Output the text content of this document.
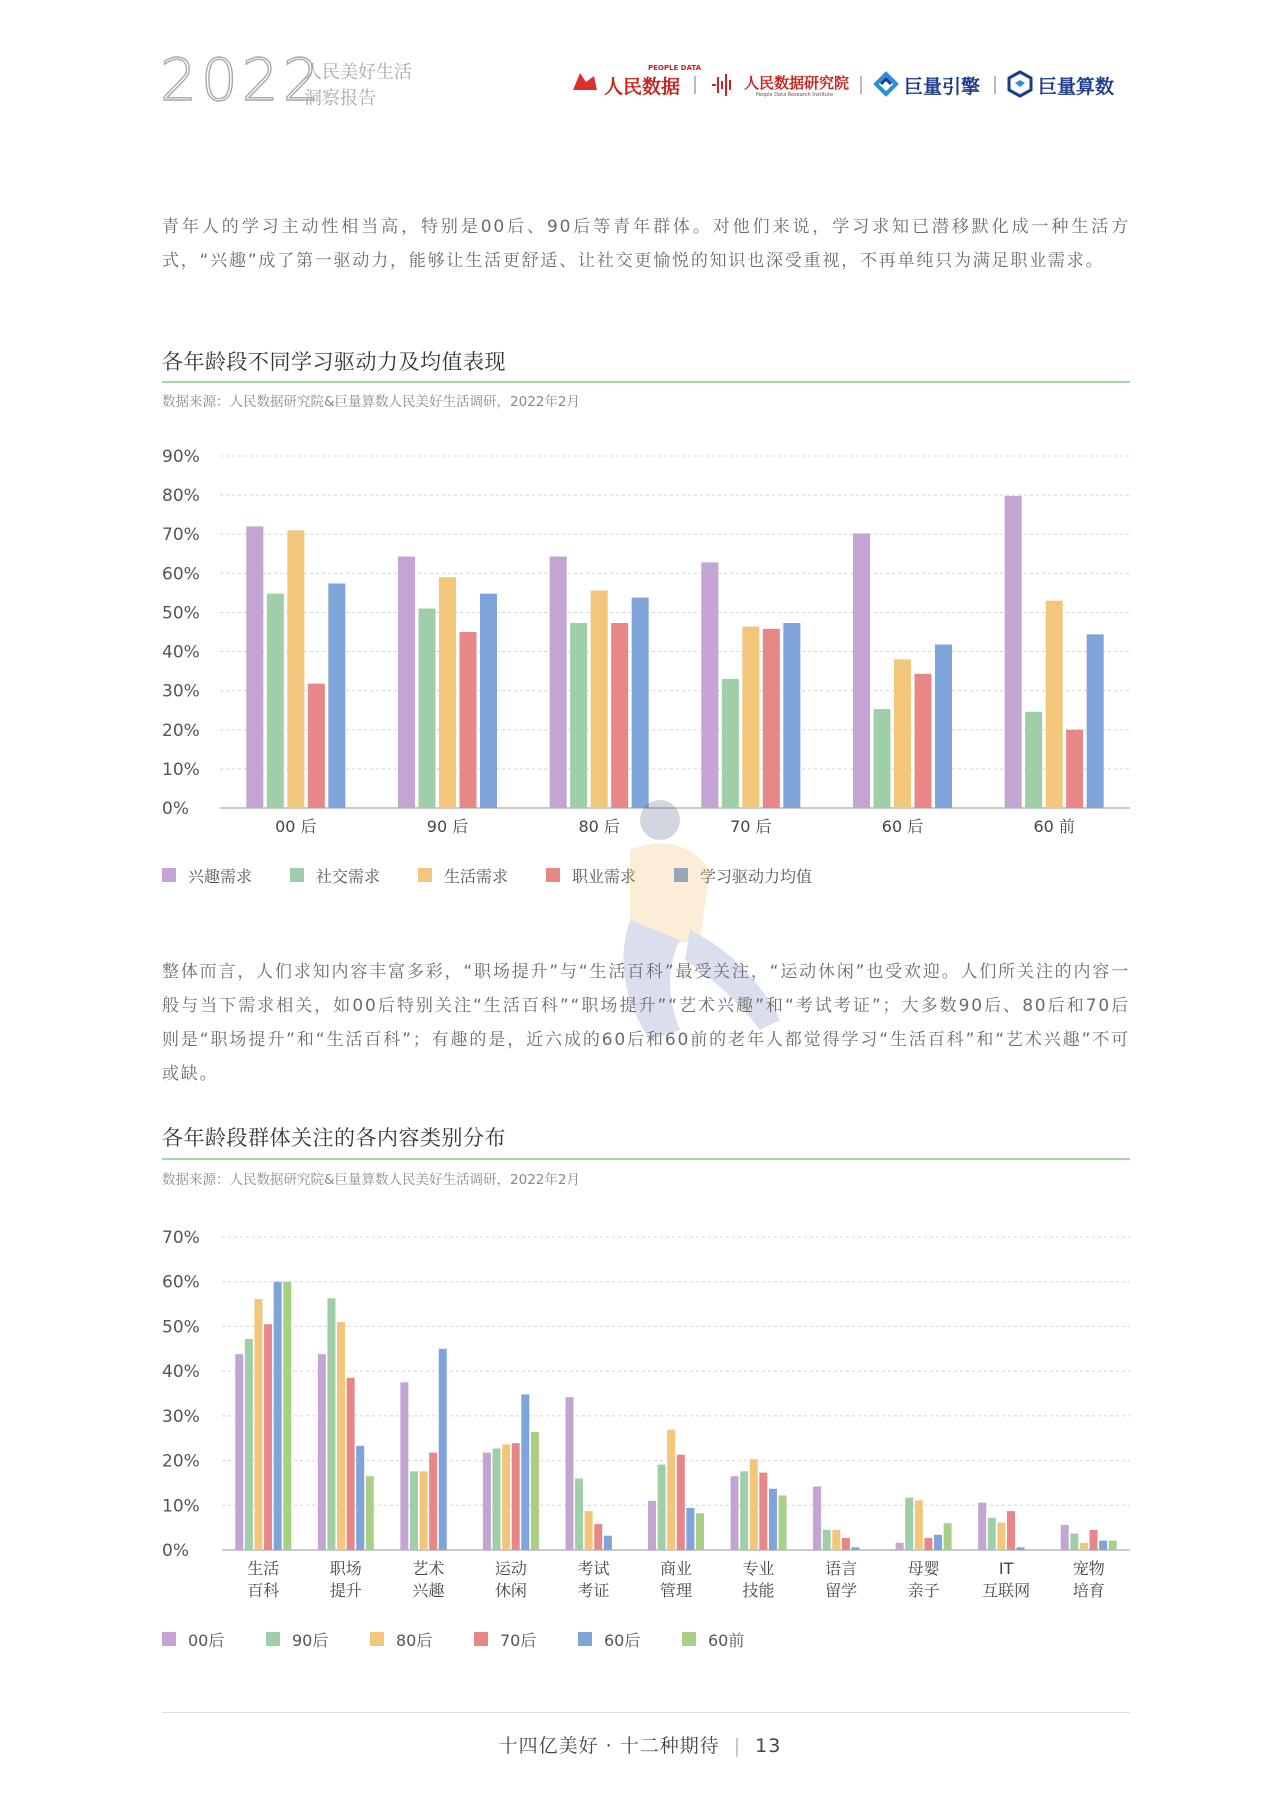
2022
人民美好生活
洞察报告
人民数据
PEOPLE DATA
人民数据研究院
People Data Research Institute	巨量引擎	巨量算数
青年人的学习主动性相当高，特别是00后、90后等青年群体。对他们来说，学习求知已潜移默化成一种生活方式，“兴趣”成了第一驱动力，能够让生活更舒适、让社交更愉悦的知识也深受重视，不再单纯只为满足职业需求。
各年龄段不同学习驱动力及均值表现
数据来源：人民数据研究院&巨量算数人民美好生活调研，2022年2月
0%
10%
20%
30%
40%
50%
60%
70%
80%
90%
00 后	90 后	80 后	70 后	60 后	60 前
兴趣需求	社交需求	生活需求	职业需求	学习驱动力均值
整体而言，人们求知内容丰富多彩，“职场提升”与“生活百科”最受关注，“运动休闲”也受欢迎。人们所关注的内容一般与当下需求相关，如00后特别关注“生活百科”“职场提升”“艺术兴趣”和“考试考证”；大多数90后、80后和70后则是“职场提升”和“生活百科”；有趣的是，近六成的60后和60前的老年人都觉得学习“生活百科”和“艺术兴趣”不可或缺。
各年龄段群体关注的各内容类别分布
数据来源：人民数据研究院&巨量算数人民美好生活调研，2022年2月
0%
10%
20%
30%
40%
50%
60%
70%
生活
百科
职场
提升
艺术
兴趣
运动
休闲
考试
考证
商业
管理
专业
技能
语言
留学
母婴
亲子
IT
互联网
宠物
培育
00后	90后	80后	70后	60后	60前
十四亿美好 · 十二种期待 | 13
